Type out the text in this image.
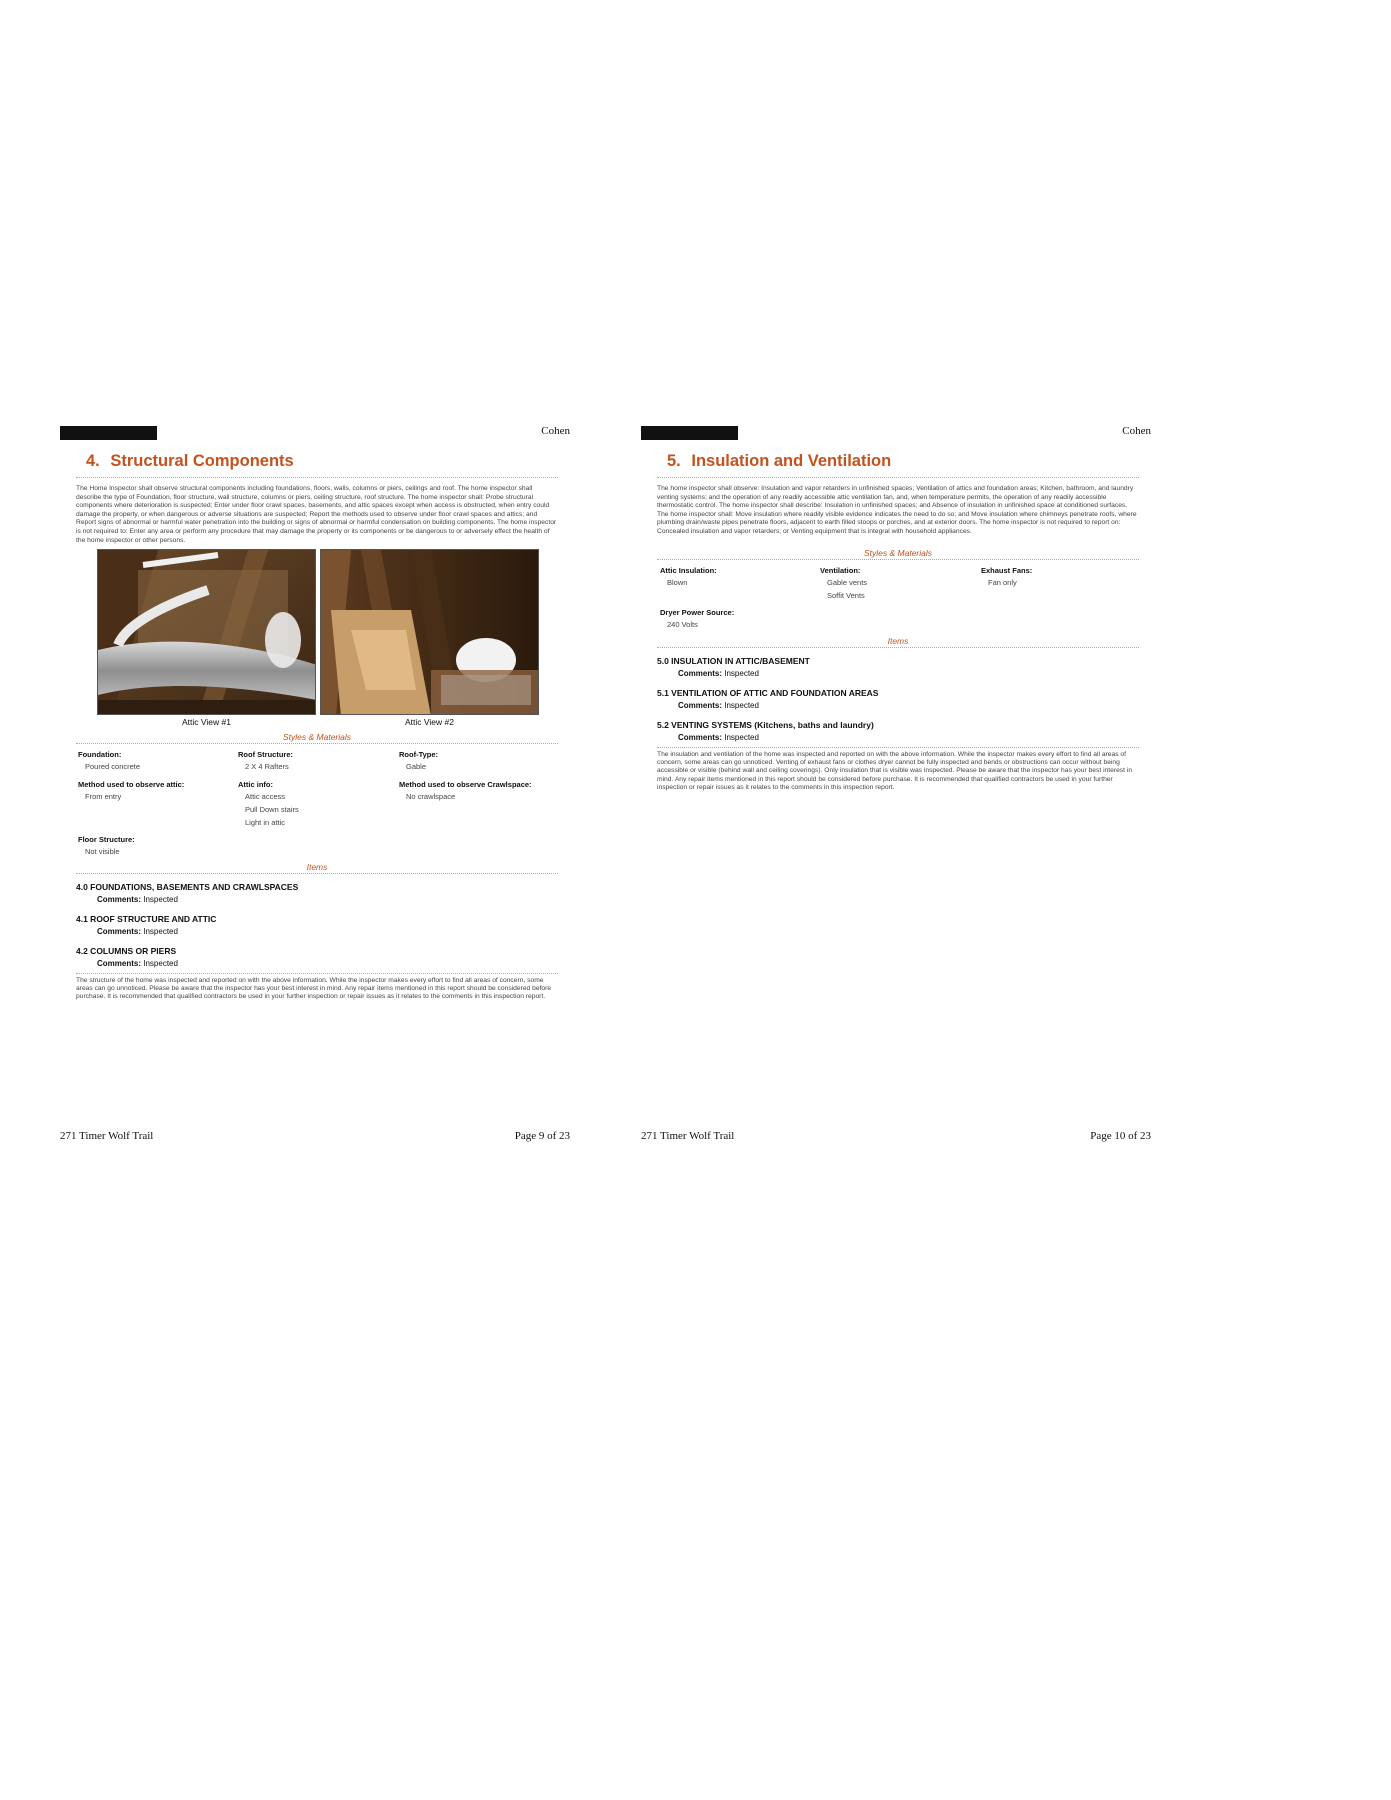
Cohen
4. Structural Components

The Home Inspector shall observe structural components including foundations, floors, walls, columns or piers, ceilings and roof. The home inspector shall describe the type of Foundation, floor structure, wall structure, columns or piers, ceiling structure, roof structure. The home inspector shall: Probe structural components where deterioration is suspected; Enter under floor crawl spaces, basements, and attic spaces except when access is obstructed, when entry could damage the property, or when dangerous or adverse situations are suspected; Report the methods used to observe under floor crawl spaces and attics; and Report signs of abnormal or harmful water penetration into the building or signs of abnormal or harmful condensation on building components. The home inspector is not required to: Enter any area or perform any procedure that may damage the property or its components or be dangerous to or adversely effect the health of the home inspector or other persons.

Attic View #1	Attic View #2
Styles & Materials
Foundation:
Poured concrete
Roof Structure:
2 X 4 Rafters
Roof-Type:
Gable
Method used to observe attic:
From entry
Attic info:
Attic access
Pull Down stairs
Light in attic
Method used to observe Crawlspace:
No crawlspace
Floor Structure:
Not visible
Items
4.0 FOUNDATIONS, BASEMENTS AND CRAWLSPACES
Comments: Inspected
4.1 ROOF STRUCTURE AND ATTIC
Comments: Inspected
4.2 COLUMNS OR PIERS
Comments: Inspected

The structure of the home was inspected and reported on with the above information. While the inspector makes every effort to find all areas of concern, some areas can go unnoticed. Please be aware that the inspector has your best interest in mind. Any repair items mentioned in this report should be considered before purchase. It is recommended that qualified contractors be used in your further inspection or repair issues as it relates to the comments in this inspection report.

271 Timer Wolf Trail	Page 9 of 23
Cohen
5. Insulation and Ventilation

The home inspector shall observe: Insulation and vapor retarders in unfinished spaces; Ventilation of attics and foundation areas; Kitchen, bathroom, and laundry venting systems; and the operation of any readily accessible attic ventilation fan, and, when temperature permits, the operation of any readily accessible thermostatic control. The home inspector shall describe: Insulation in unfinished spaces; and Absence of insulation in unfinished space at conditioned surfaces. The home inspector shall: Move insulation where readily visible evidence indicates the need to do so; and Move insulation where chimneys penetrate roofs, where plumbing drain/waste pipes penetrate floors, adjacent to earth filled stoops or porches, and at exterior doors. The home inspector is not required to report on: Concealed insulation and vapor retarders; or Venting equipment that is integral with household appliances.

Styles & Materials
Attic Insulation:
Blown
Ventilation:
Gable vents
Soffit Vents
Exhaust Fans:
Fan only
Dryer Power Source:
240 Volts
Items
5.0 INSULATION IN ATTIC/BASEMENT
Comments: Inspected
5.1 VENTILATION OF ATTIC AND FOUNDATION AREAS
Comments: Inspected
5.2 VENTING SYSTEMS (Kitchens, baths and laundry)
Comments: Inspected

The insulation and ventilation of the home was inspected and reported on with the above information. While the inspector makes every effort to find all areas of concern, some areas can go unnoticed. Venting of exhaust fans or clothes dryer cannot be fully inspected and bends or obstructions can occur without being accessible or visible (behind wall and ceiling coverings). Only insulation that is visible was inspected. Please be aware that the inspector has your best interest in mind. Any repair items mentioned in this report should be considered before purchase. It is recommended that qualified contractors be used in your further inspection or repair issues as it relates to the comments in this inspection report.

271 Timer Wolf Trail	Page 10 of 23
